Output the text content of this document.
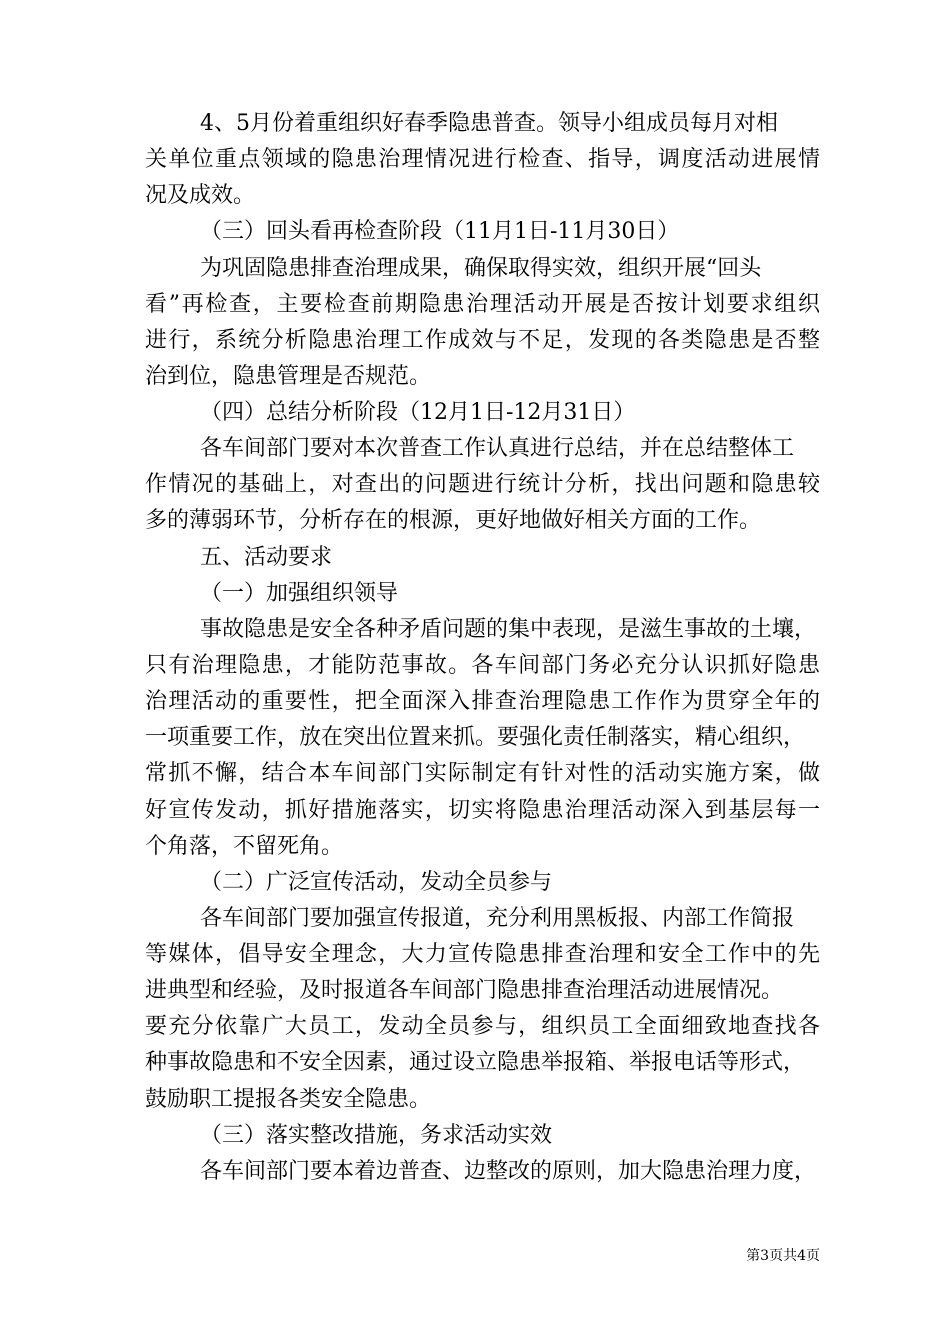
4、5月份着重组织好春季隐患普查。领导小组成员每月对相
关单位重点领域的隐患治理情况进行检查、指导，调度活动进展情
况及成效。
（三）回头看再检查阶段（11月1日-11月30日）
为巩固隐患排查治理成果，确保取得实效，组织开展“回头
看”再检查，主要检查前期隐患治理活动开展是否按计划要求组织
进行，系统分析隐患治理工作成效与不足，发现的各类隐患是否整
治到位，隐患管理是否规范。
（四）总结分析阶段（12月1日-12月31日）
各车间部门要对本次普查工作认真进行总结，并在总结整体工
作情况的基础上，对查出的问题进行统计分析，找出问题和隐患较
多的薄弱环节，分析存在的根源，更好地做好相关方面的工作。
五、活动要求
（一）加强组织领导
事故隐患是安全各种矛盾问题的集中表现，是滋生事故的土壤，
只有治理隐患，才能防范事故。各车间部门务必充分认识抓好隐患
治理活动的重要性，把全面深入排查治理隐患工作作为贯穿全年的
一项重要工作，放在突出位置来抓。要强化责任制落实，精心组织，
常抓不懈，结合本车间部门实际制定有针对性的活动实施方案，做
好宣传发动，抓好措施落实，切实将隐患治理活动深入到基层每一
个角落，不留死角。
（二）广泛宣传活动，发动全员参与
各车间部门要加强宣传报道，充分利用黑板报、内部工作简报
等媒体，倡导安全理念，大力宣传隐患排查治理和安全工作中的先
进典型和经验，及时报道各车间部门隐患排查治理活动进展情况。
要充分依靠广大员工，发动全员参与，组织员工全面细致地查找各
种事故隐患和不安全因素，通过设立隐患举报箱、举报电话等形式，
鼓励职工提报各类安全隐患。
（三）落实整改措施，务求活动实效
各车间部门要本着边普查、边整改的原则，加大隐患治理力度，
第3页共4页
